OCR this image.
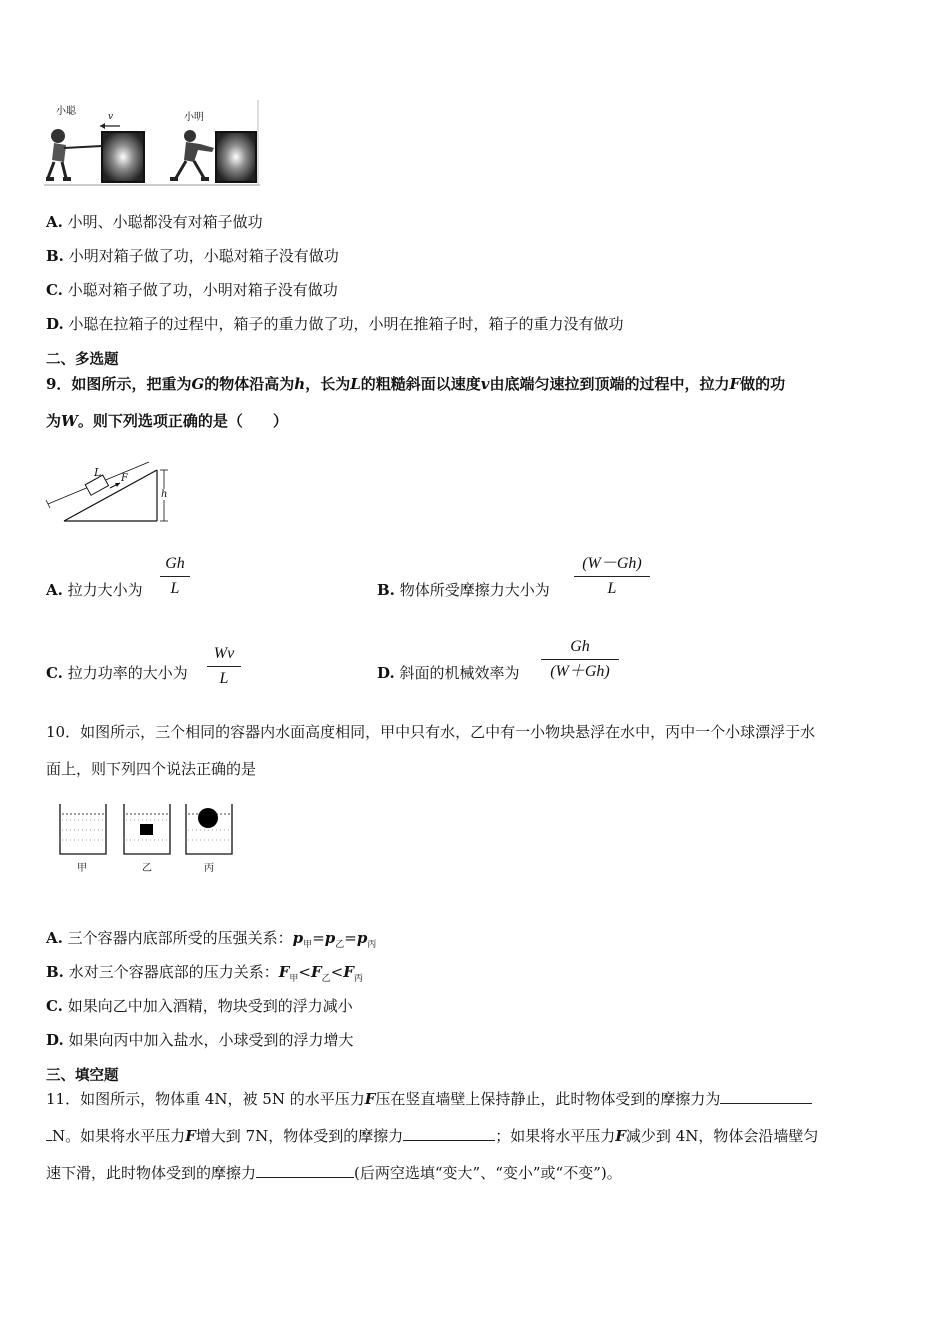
小聪
小明
v
A. 小明、小聪都没有对箱子做功
B. 小明对箱子做了功，小聪对箱子没有做功
C. 小聪对箱子做了功，小明对箱子没有做功
D. 小聪在拉箱子的过程中，箱子的重力做了功，小明在推箱子时，箱子的重力没有做功
二、多选题
9．如图所示，把重为G的物体沿高为h，长为L的粗糙斜面以速度v由底端匀速拉到顶端的过程中，拉力F做的功
为W。则下列选项正确的是（　　）
L F
h
A. 拉力大小为
Gh
L	B. 物体所受摩擦力大小为
(W－Gh)
L
C. 拉力功率的大小为
Wv
L	D. 斜面的机械效率为
Gh
(W＋Gh)
10．如图所示，三个相同的容器内水面高度相同，甲中只有水，乙中有一小物块悬浮在水中，丙中一个小球漂浮于水
面上，则下列四个说法正确的是
甲	乙	丙
A. 三个容器内底部所受的压强关系：$p_甲=p_乙=p_丙$
B. 水对三个容器底部的压力关系：$F_甲<F_乙<F_丙$
C. 如果向乙中加入酒精，物块受到的浮力减小
D. 如果向丙中加入盐水，小球受到的浮力增大
三、填空题
11．如图所示，物体重 4N，被 5N 的水平压力F压在竖直墙壁上保持静止，此时物体受到的摩擦力为
N。如果将水平压力F增大到 7N，物体受到的摩擦力	；如果将水平压力F减少到 4N，物体会沿墙壁匀
速下滑，此时物体受到的摩擦力	(后两空选填“变大”、“变小”或“不变”)。
